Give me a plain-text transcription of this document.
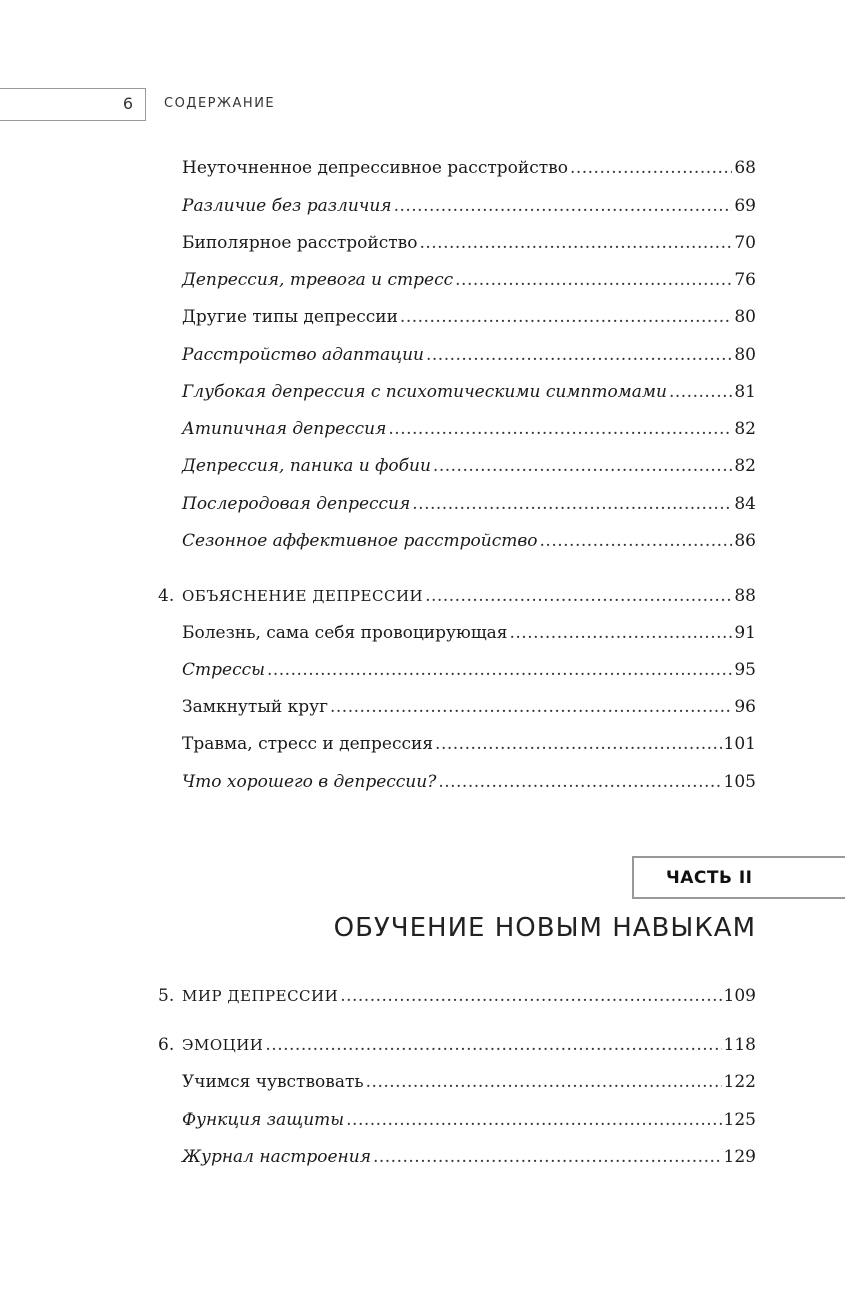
6 СОДЕРЖАНИЕ
Неуточненное депрессивное расстройство .....	68
Различие без различия .....	69
Биполярное расстройство .....	70
Депрессия, тревога и стресс .....	76
Другие типы депрессии .....	80
Расстройство адаптации .....	80
Глубокая депрессия с психотическими симптомами .....	81
Атипичная депрессия .....	82
Депрессия, паника и фобии .....	82
Послеродовая депрессия .....	84
Сезонное аффективное расстройство .....	86
4. ОБЪЯСНЕНИЕ ДЕПРЕССИИ .....	88
Болезнь, сама себя провоцирующая .....	91
Стрессы .....	95
Замкнутый круг .....	96
Травма, стресс и депрессия .....	101
Что хорошего в депрессии? .....	105
5. МИР ДЕПРЕССИИ .....	109
6. ЭМОЦИИ .....	118
Учимся чувствовать .....	122
Функция защиты .....	125
Журнал настроения .....	129
ЧАСТЬ II
ОБУЧЕНИЕ НОВЫМ НАВЫКАМ
